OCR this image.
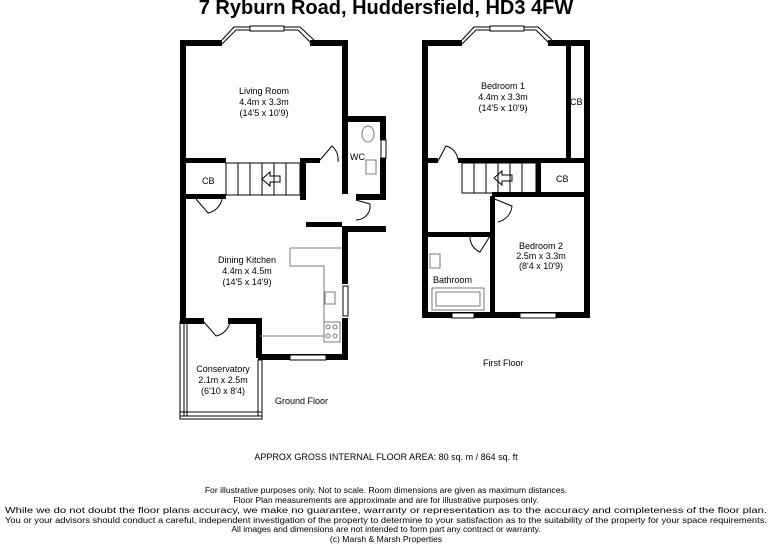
7 Ryburn Road, Huddersfield, HD3 4FW
Living Room
4.4m x 3.3m
(14'5 x 10'9)
Dining Kitchen
4.4m x 4.5m
(14'5 x 14'9)
Conservatory
2.1m x 2.5m
(6'10 x 8'4)
WC
CB
Bedroom 1
4.4m x 3.3m
(14'5 x 10'9)
Bedroom 2
2.5m x 3.3m
(8'4 x 10'9)
Bathroom
CB
CB
Ground Floor
First Floor
APPROX GROSS INTERNAL FLOOR AREA: 80 sq. m / 864 sq. ft
For illustrative purposes only. Not to scale. Room dimensions are given as maximum distances.
Floor Plan measurements are approximate and are for illustrative purposes only.
While we do not doubt the floor plans accuracy, we make no guarantee, warranty or representation as to the accuracy and completeness of the floor plan.
You or your advisors should conduct a careful, independent investigation of the property to determine to your satisfaction as to the suitability of the property for your space requirements.
All images and dimensions are not intended to form part any contract or warranty.
(c) Marsh & Marsh Properties
